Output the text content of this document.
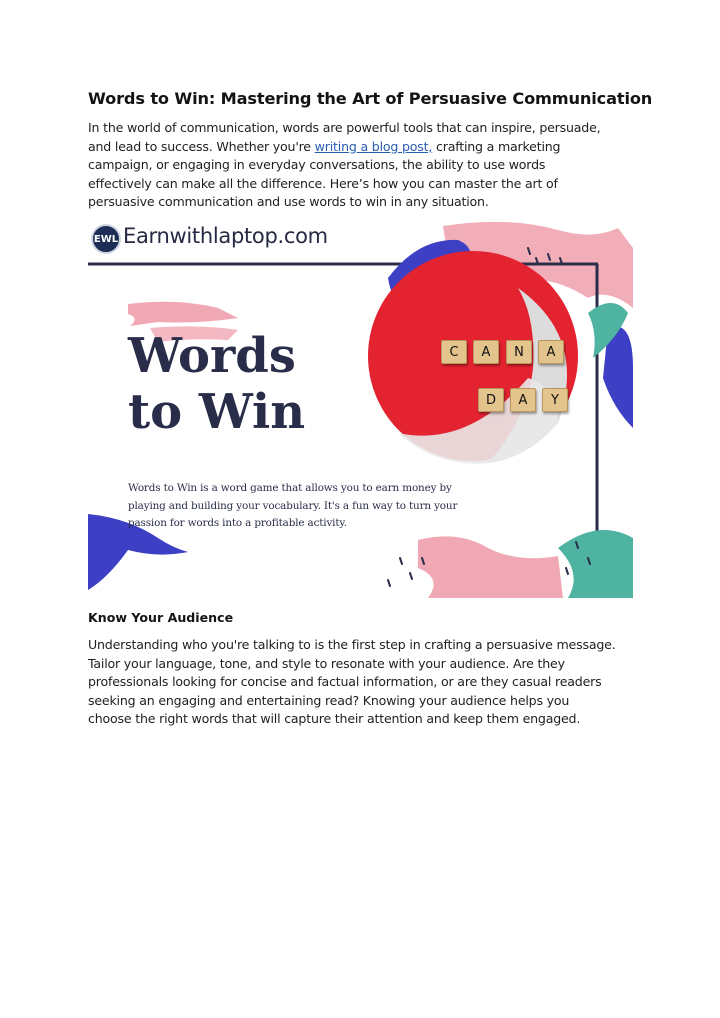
Words to Win: Mastering the Art of Persuasive Communication

In the world of communication, words are powerful tools that can inspire, persuade,
and lead to success. Whether you're writing a blog post, crafting a marketing
campaign, or engaging in everyday conversations, the ability to use words
effectively can make all the difference. Here’s how you can master the art of
persuasive communication and use words to win in any situation.

EWL Earnwithlaptop.com
Words
to Win
Words to Win is a word game that allows you to earn money by
playing and building your vocabulary. It's a fun way to turn your
passion for words into a profitable activity.
C	A	N	A
D	A	Y
Know Your Audience

Understanding who you're talking to is the first step in crafting a persuasive message.
Tailor your language, tone, and style to resonate with your audience. Are they
professionals looking for concise and factual information, or are they casual readers
seeking an engaging and entertaining read? Knowing your audience helps you
choose the right words that will capture their attention and keep them engaged.
